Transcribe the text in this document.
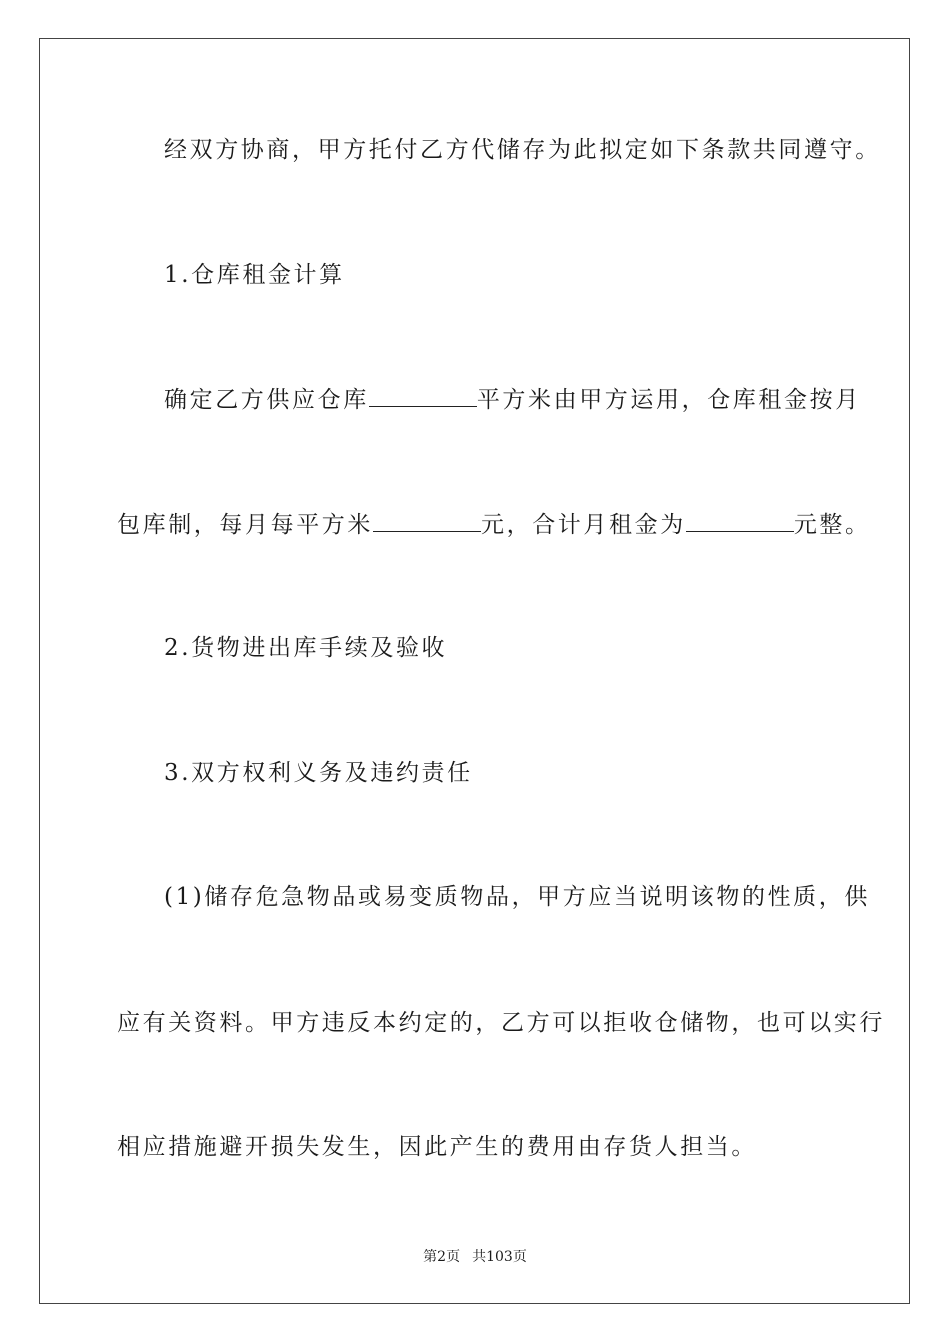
经双方协商，甲方托付乙方代储存为此拟定如下条款共同遵守。
1.仓库租金计算
确定乙方供应仓库	平方米由甲方运用，仓库租金按月
包库制，每月每平方米	元，合计月租金为	元整。
2.货物进出库手续及验收
3.双方权利义务及违约责任
(1)储存危急物品或易变质物品，甲方应当说明该物的性质，供
应有关资料。甲方违反本约定的，乙方可以拒收仓储物，也可以实行
相应措施避开损失发生，因此产生的费用由存货人担当。
第2页 共103页
